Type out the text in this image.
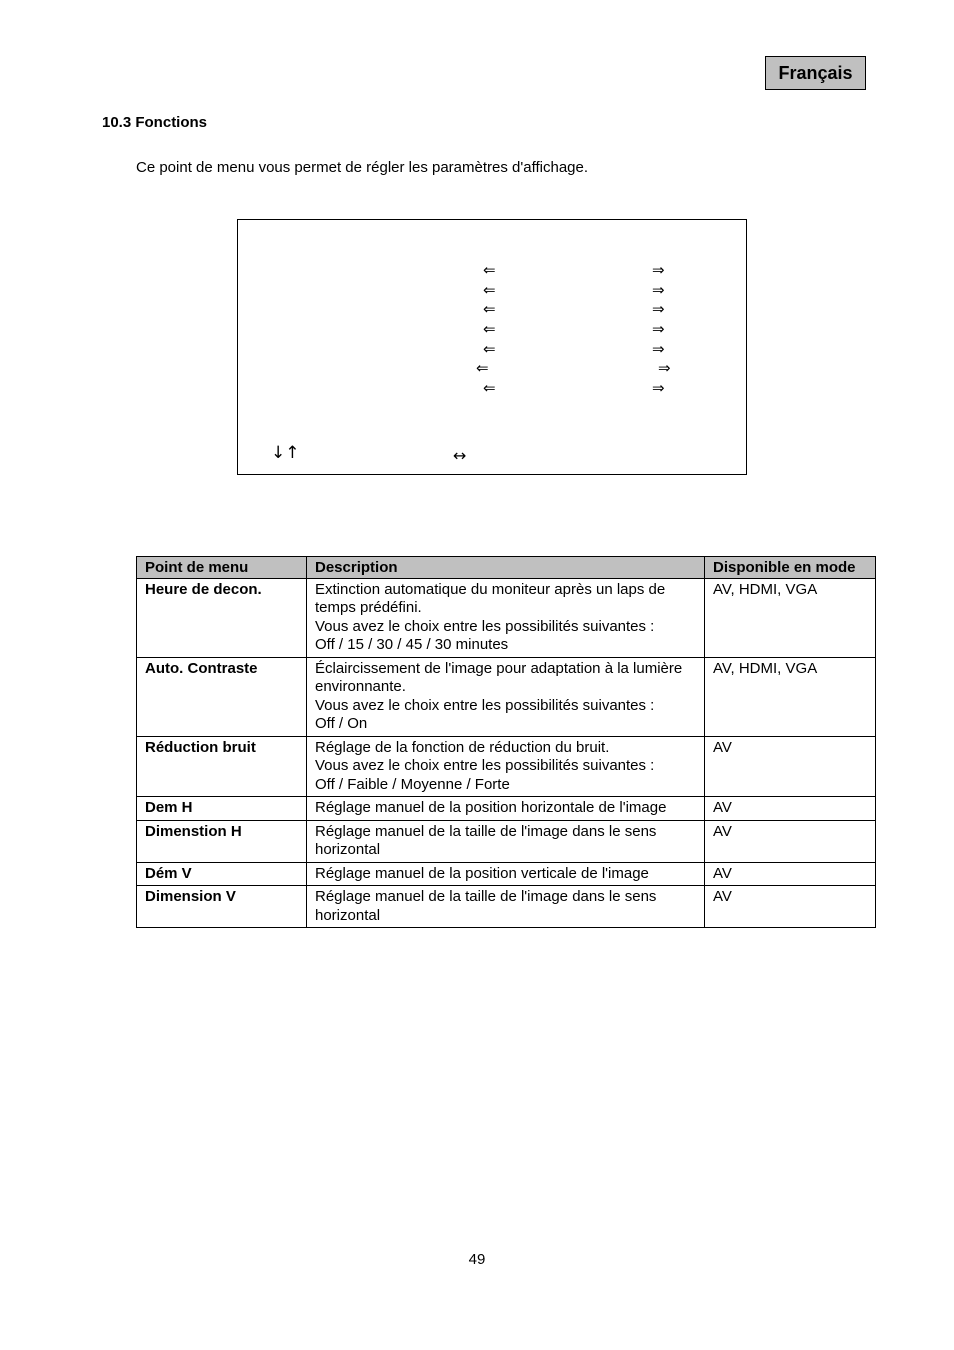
Français
10.3 Fonctions
Ce point de menu vous permet de régler les paramètres d'affichage.
⇐	⇒
⇐	⇒
⇐	⇒
⇐	⇒
⇐	⇒
⇐	⇒
⇐	⇒
↓↑	↔
Point de menu	Description	Disponible en mode
Heure de decon.	Extinction automatique du moniteur après un laps de temps prédéfini.
Vous avez le choix entre les possibilités suivantes :
Off / 15 / 30 / 45 / 30 minutes	AV, HDMI, VGA
Auto. Contraste	Éclaircissement de l'image pour adaptation à la lumière environnante.
Vous avez le choix entre les possibilités suivantes :
Off / On	AV, HDMI, VGA
Réduction bruit	Réglage de la fonction de réduction du bruit.
Vous avez le choix entre les possibilités suivantes :
Off / Faible / Moyenne / Forte	AV
Dem H	Réglage manuel de la position horizontale de l'image	AV
Dimenstion H	Réglage manuel de la taille de l'image dans le sens horizontal	AV
Dém V	Réglage manuel de la position verticale de l'image	AV
Dimension V	Réglage manuel de la taille de l'image dans le sens horizontal	AV
49
